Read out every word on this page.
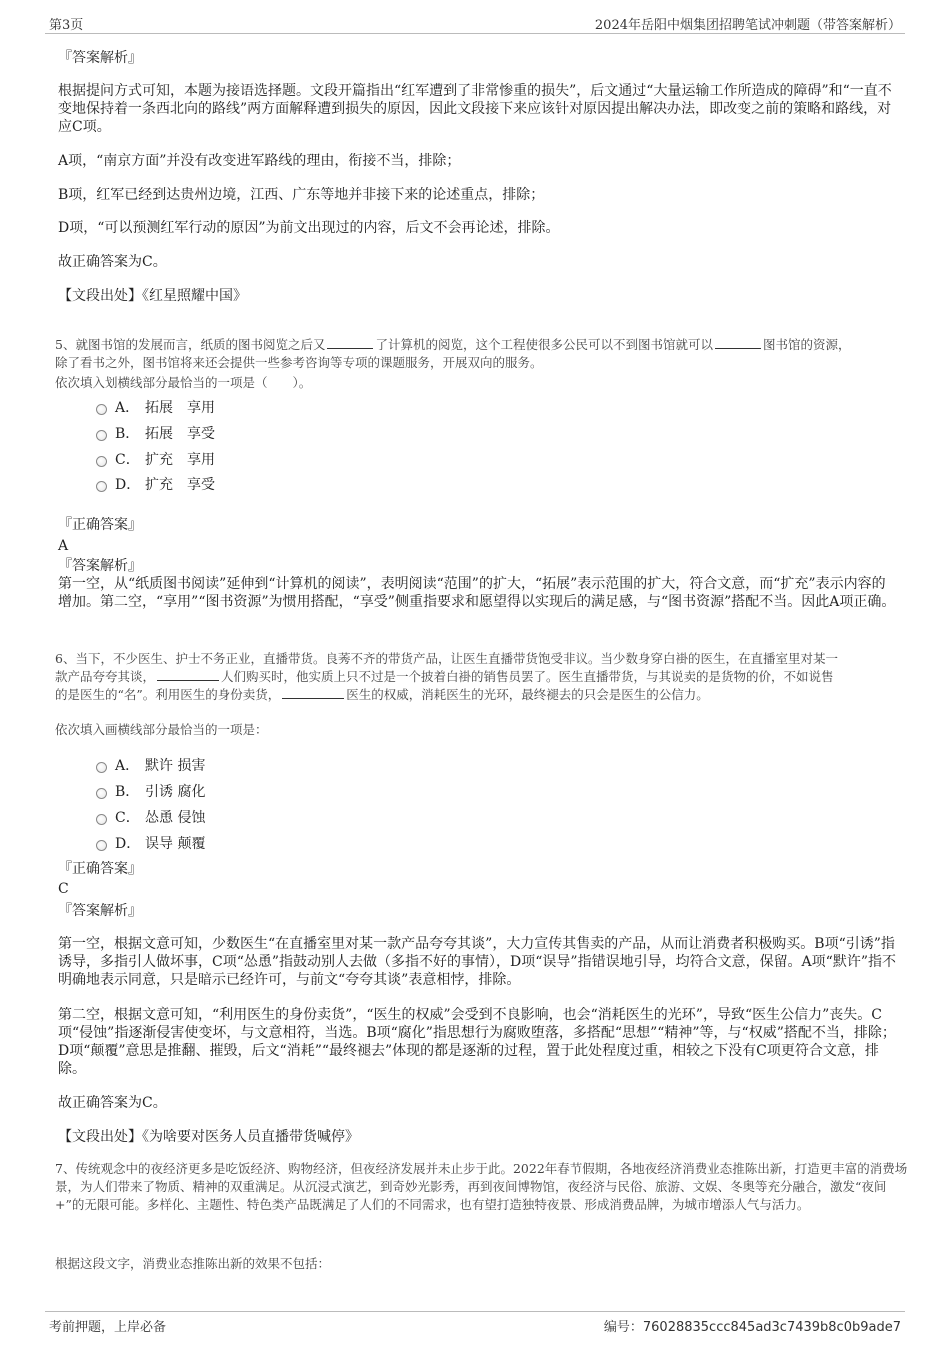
第3页	2024年岳阳中烟集团招聘笔试冲刺题（带答案解析）
『答案解析』
根据提问方式可知，本题为接语选择题。文段开篇指出“红军遭到了非常惨重的损失”，后文通过“大量运输工作所造成的障碍”和“一直不变地保持着一条西北向的路线”两方面解释遭到损失的原因，因此文段接下来应该针对原因提出解决办法，即改变之前的策略和路线，对应C项。
A项，“南京方面”并没有改变进军路线的理由，衔接不当，排除；
B项，红军已经到达贵州边境，江西、广东等地并非接下来的论述重点，排除；
D项，“可以预测红军行动的原因”为前文出现过的内容，后文不会再论述，排除。
故正确答案为C。
【文段出处】《红星照耀中国》
5、就图书馆的发展而言，纸质的图书阅览之后又	了计算机的阅览，这个工程使很多公民可以不到图书馆就可以	图书馆的资源，
除了看书之外，图书馆将来还会提供一些参考咨询等专项的课题服务，开展双向的服务。
依次填入划横线部分最恰当的一项是（　　）。
A． 拓展　享用
B． 拓展　享受
C． 扩充　享用
D． 扩充　享受
『正确答案』
A
『答案解析』
第一空，从“纸质图书阅读”延伸到“计算机的阅读”，表明阅读“范围”的扩大，“拓展”表示范围的扩大，符合文意，而“扩充”表示内容的增加。第二空，“享用”“图书资源”为惯用搭配，“享受”侧重指要求和愿望得以实现后的满足感，与“图书资源”搭配不当。因此A项正确。
6、当下，不少医生、护士不务正业，直播带货。良莠不齐的带货产品，让医生直播带货饱受非议。当少数身穿白褂的医生，在直播室里对某一
款产品夸夸其谈，	人们购买时，他实质上只不过是一个披着白褂的销售员罢了。医生直播带货，与其说卖的是货物的价，不如说售
的是医生的“名”。利用医生的身份卖货，	医生的权威，消耗医生的光环，最终褪去的只会是医生的公信力。
依次填入画横线部分最恰当的一项是：
A． 默许 损害
B． 引诱 腐化
C． 怂恿 侵蚀
D． 误导 颠覆
『正确答案』
C
『答案解析』
第一空，根据文意可知，少数医生“在直播室里对某一款产品夸夸其谈”，大力宣传其售卖的产品，从而让消费者积极购买。B项“引诱”指诱导，多指引人做坏事，C项“怂恿”指鼓动别人去做（多指不好的事情），D项“误导”指错误地引导，均符合文意，保留。A项“默许”指不明确地表示同意，只是暗示已经许可，与前文“夸夸其谈”表意相悖，排除。
第二空，根据文意可知，“利用医生的身份卖货”，“医生的权威”会受到不良影响，也会“消耗医生的光环”，导致“医生公信力”丧失。C项“侵蚀”指逐渐侵害使变坏，与文意相符，当选。B项“腐化”指思想行为腐败堕落，多搭配“思想”“精神”等，与“权威”搭配不当，排除；D项“颠覆”意思是推翻、摧毁，后文“消耗”“最终褪去”体现的都是逐渐的过程，置于此处程度过重，相较之下没有C项更符合文意，排除。
故正确答案为C。
【文段出处】《为啥要对医务人员直播带货喊停》
7、传统观念中的夜经济更多是吃饭经济、购物经济，但夜经济发展并未止步于此。2022年春节假期，各地夜经济消费业态推陈出新，打造更丰富的消费场景，为人们带来了物质、精神的双重满足。从沉浸式演艺，到奇妙光影秀，再到夜间博物馆，夜经济与民俗、旅游、文娱、冬奥等充分融合，激发“夜间+”的无限可能。多样化、主题性、特色类产品既满足了人们的不同需求，也有望打造独特夜景、形成消费品牌，为城市增添人气与活力。
根据这段文字，消费业态推陈出新的效果不包括：
考前押题，上岸必备	编号：76028835ccc845ad3c7439b8c0b9ade7
